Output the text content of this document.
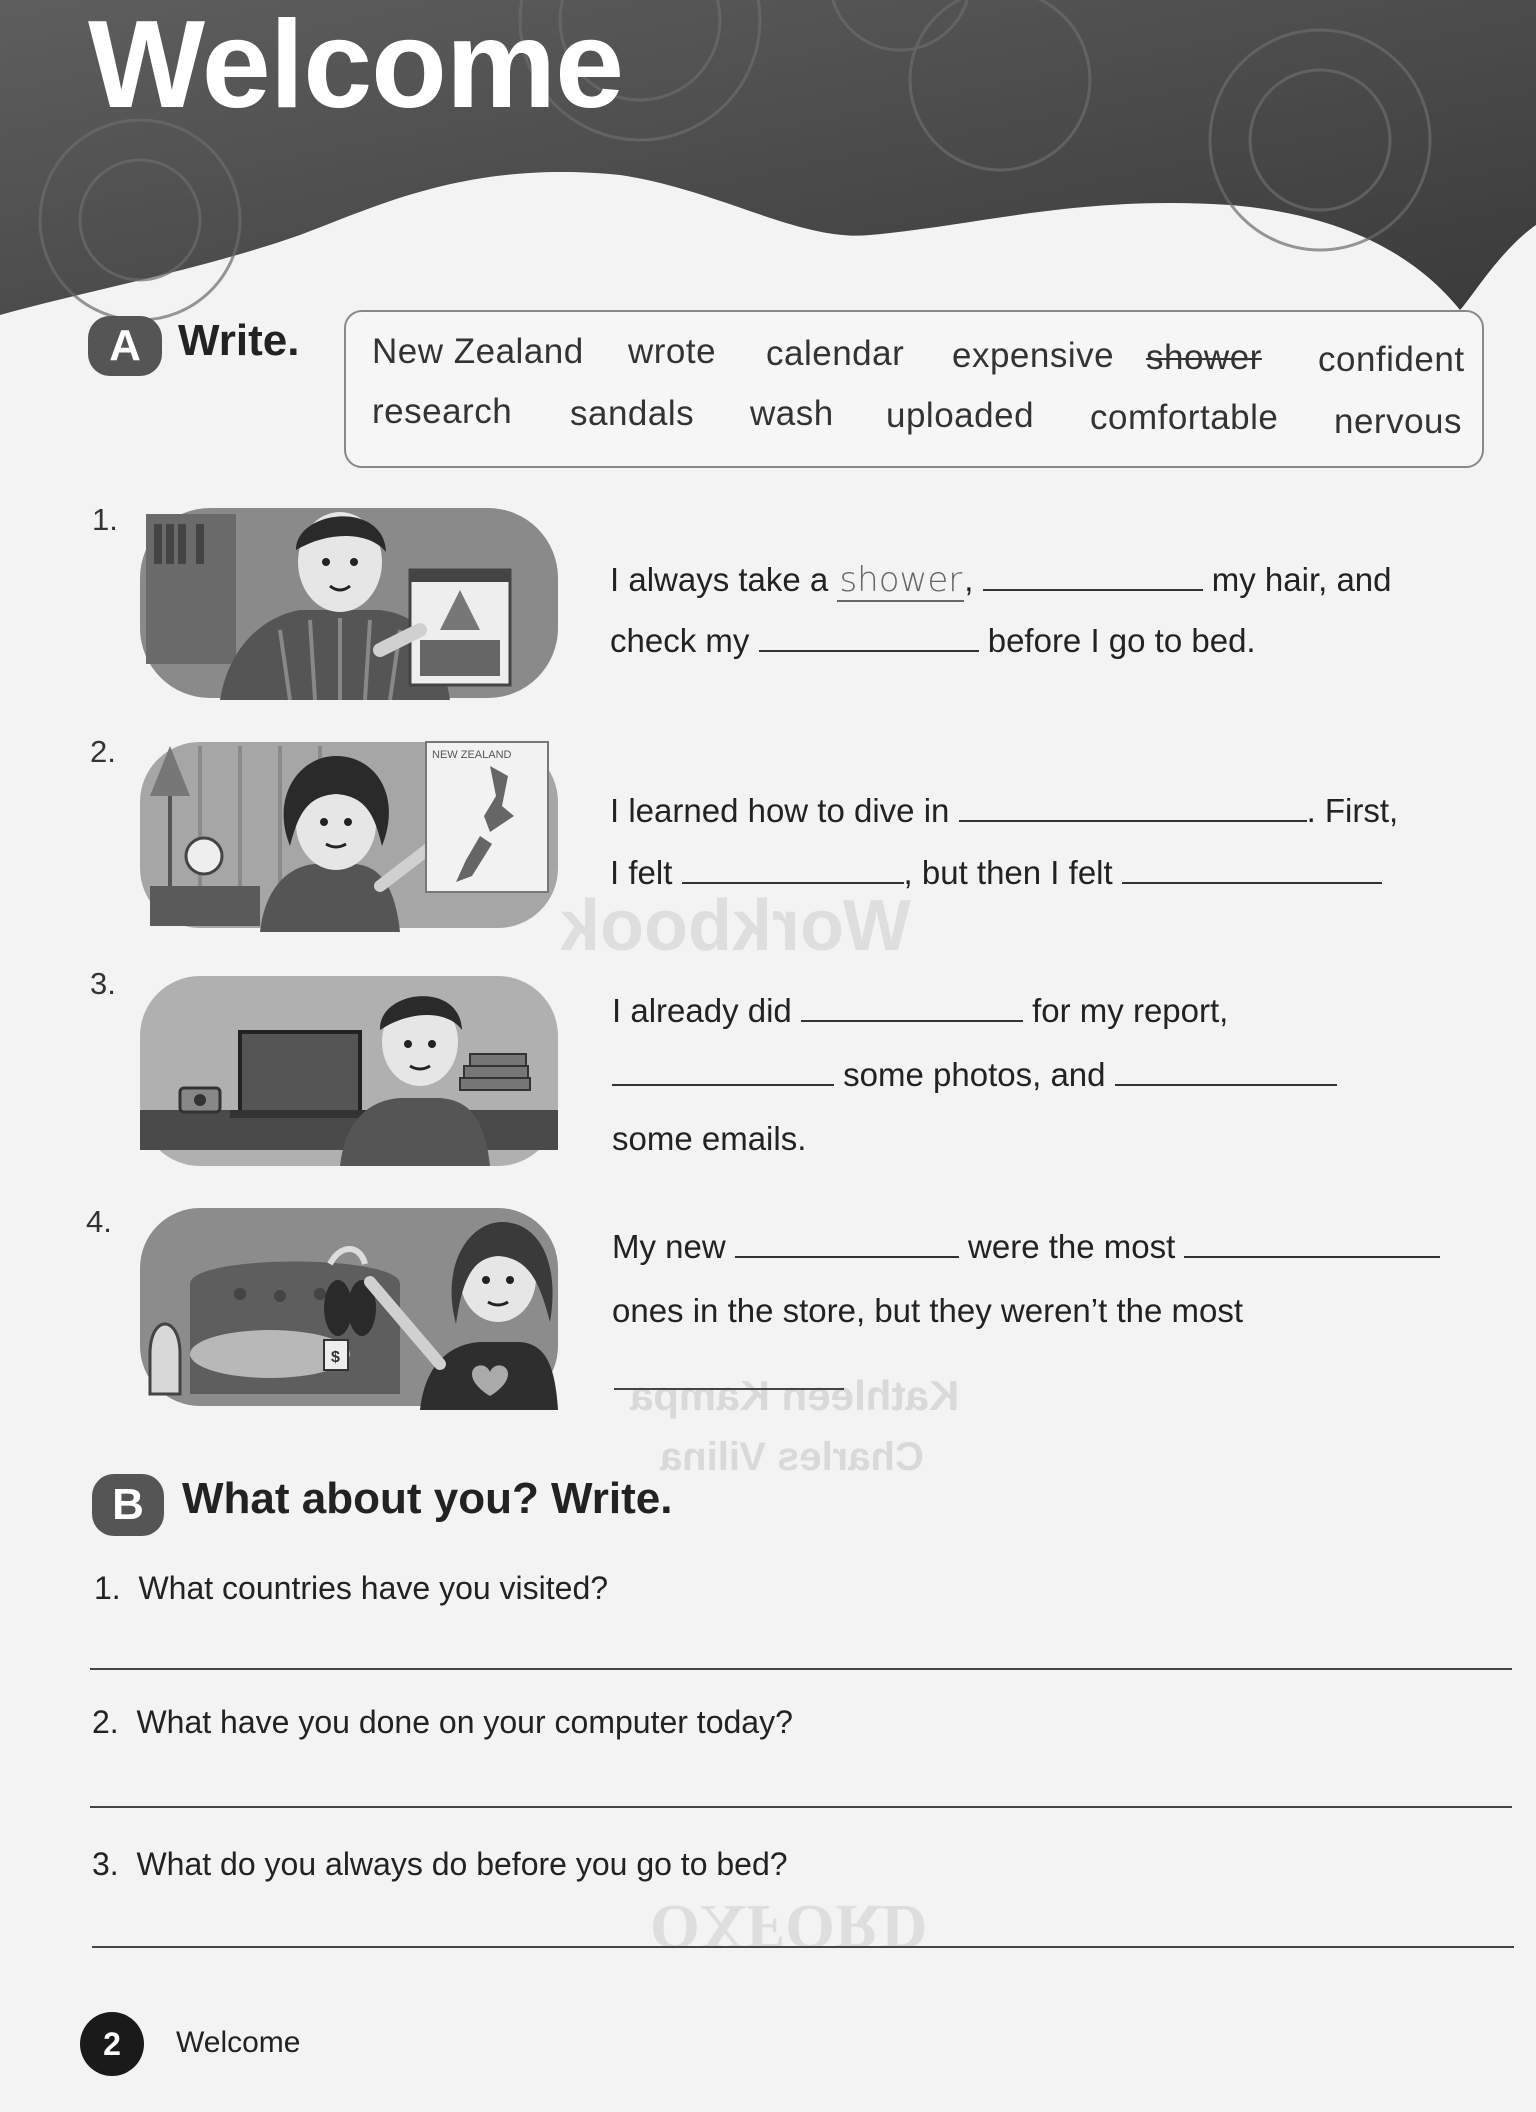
Welcome
Workbook
Kathleen Kampa
Charles Vilina
OXFORD
A Write. New Zealand wrote calendar expensive shower confident
research sandals wash uploaded comfortable nervous
1.
I always take a shower,	my hair, and
check my	before I go to bed.
2.	NEW ZEALAND
I learned how to dive in	. First,
I felt	, but then I felt
3.
I already did	for my report,
some photos, and
some emails.
4.
$
My new	were the most
ones in the store, but they weren’t the most
B What about you? Write.
1. What countries have you visited?
2. What have you done on your computer today?
3. What do you always do before you go to bed?
2	Welcome
